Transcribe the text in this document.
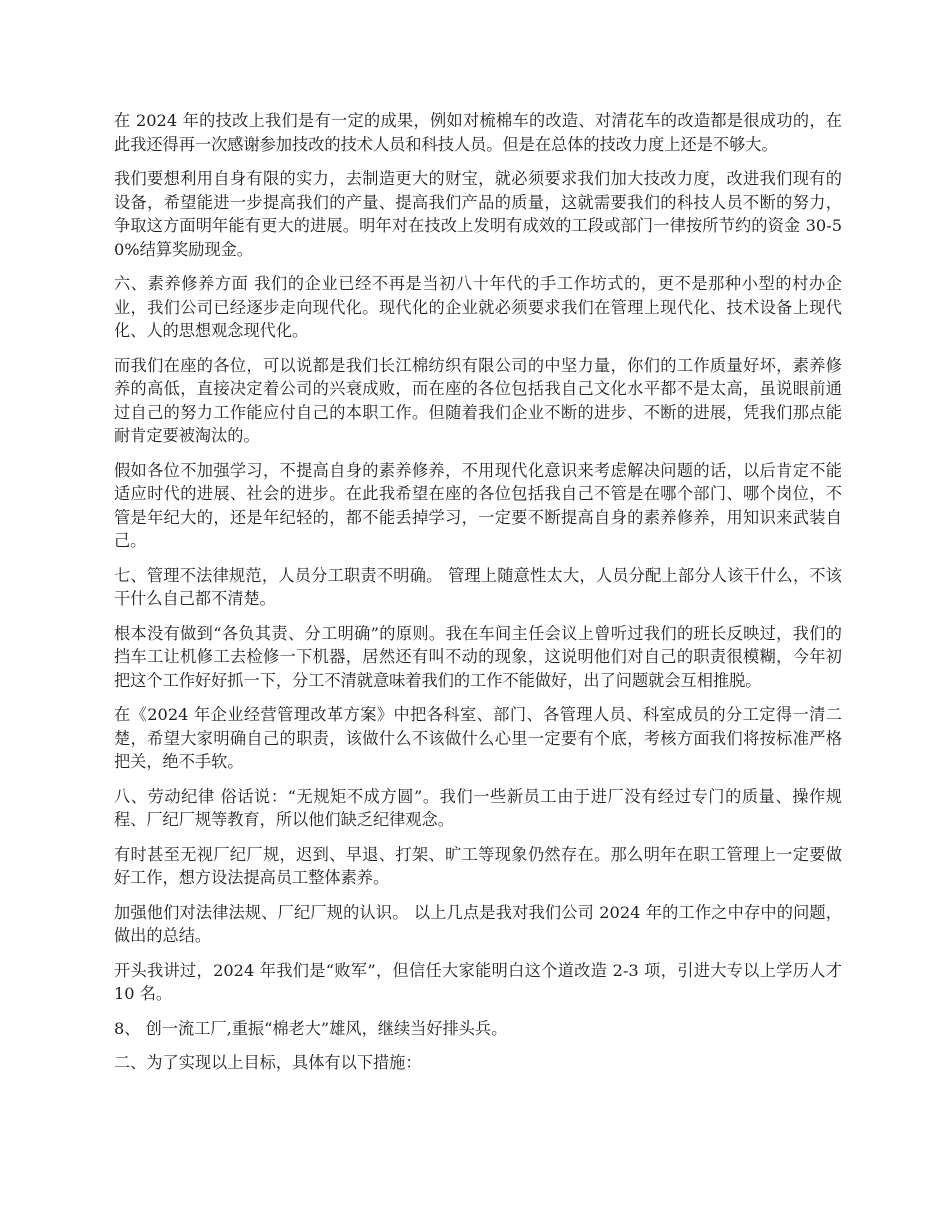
在 2024 年的技改上我们是有一定的成果，例如对梳棉车的改造、对清花车的改造都是很成功的，在此我还得再一次感谢参加技改的技术人员和科技人员。但是在总体的技改力度上还是不够大。

我们要想利用自身有限的实力，去制造更大的财宝，就必须要求我们加大技改力度，改进我们现有的设备，希望能进一步提高我们的产量、提高我们产品的质量，这就需要我们的科技人员不断的努力，争取这方面明年能有更大的进展。明年对在技改上发明有成效的工段或部门一律按所节约的资金 30-50%结算奖励现金。

六、素养修养方面 我们的企业已经不再是当初八十年代的手工作坊式的，更不是那种小型的村办企业，我们公司已经逐步走向现代化。现代化的企业就必须要求我们在管理上现代化、技术设备上现代化、人的思想观念现代化。

而我们在座的各位，可以说都是我们长江棉纺织有限公司的中坚力量，你们的工作质量好坏，素养修养的高低，直接决定着公司的兴衰成败，而在座的各位包括我自己文化水平都不是太高，虽说眼前通过自己的努力工作能应付自己的本职工作。但随着我们企业不断的进步、不断的进展，凭我们那点能耐肯定要被淘汰的。

假如各位不加强学习，不提高自身的素养修养，不用现代化意识来考虑解决问题的话，以后肯定不能适应时代的进展、社会的进步。在此我希望在座的各位包括我自己不管是在哪个部门、哪个岗位，不管是年纪大的，还是年纪轻的，都不能丢掉学习，一定要不断提高自身的素养修养，用知识来武装自己。

七、管理不法律规范，人员分工职责不明确。 管理上随意性太大，人员分配上部分人该干什么，不该干什么自己都不清楚。

根本没有做到“各负其责、分工明确”的原则。我在车间主任会议上曾听过我们的班长反映过，我们的挡车工让机修工去检修一下机器，居然还有叫不动的现象，这说明他们对自己的职责很模糊，今年初把这个工作好好抓一下，分工不清就意味着我们的工作不能做好，出了问题就会互相推脱。

在《2024 年企业经营管理改革方案》中把各科室、部门、各管理人员、科室成员的分工定得一清二楚，希望大家明确自己的职责，该做什么不该做什么心里一定要有个底，考核方面我们将按标准严格把关，绝不手软。

八、劳动纪律 俗话说：“无规矩不成方圆”。我们一些新员工由于进厂没有经过专门的质量、操作规程、厂纪厂规等教育，所以他们缺乏纪律观念。

有时甚至无视厂纪厂规，迟到、早退、打架、旷工等现象仍然存在。那么明年在职工管理上一定要做好工作，想方设法提高员工整体素养。

加强他们对法律法规、厂纪厂规的认识。 以上几点是我对我们公司 2024 年的工作之中存中的问题，做出的总结。

开头我讲过，2024 年我们是“败军”，但信任大家能明白这个道改造 2-3 项，引进大专以上学历人才 10 名。

8、 创一流工厂,重振“棉老大”雄风，继续当好排头兵。

二、为了实现以上目标，具体有以下措施：
